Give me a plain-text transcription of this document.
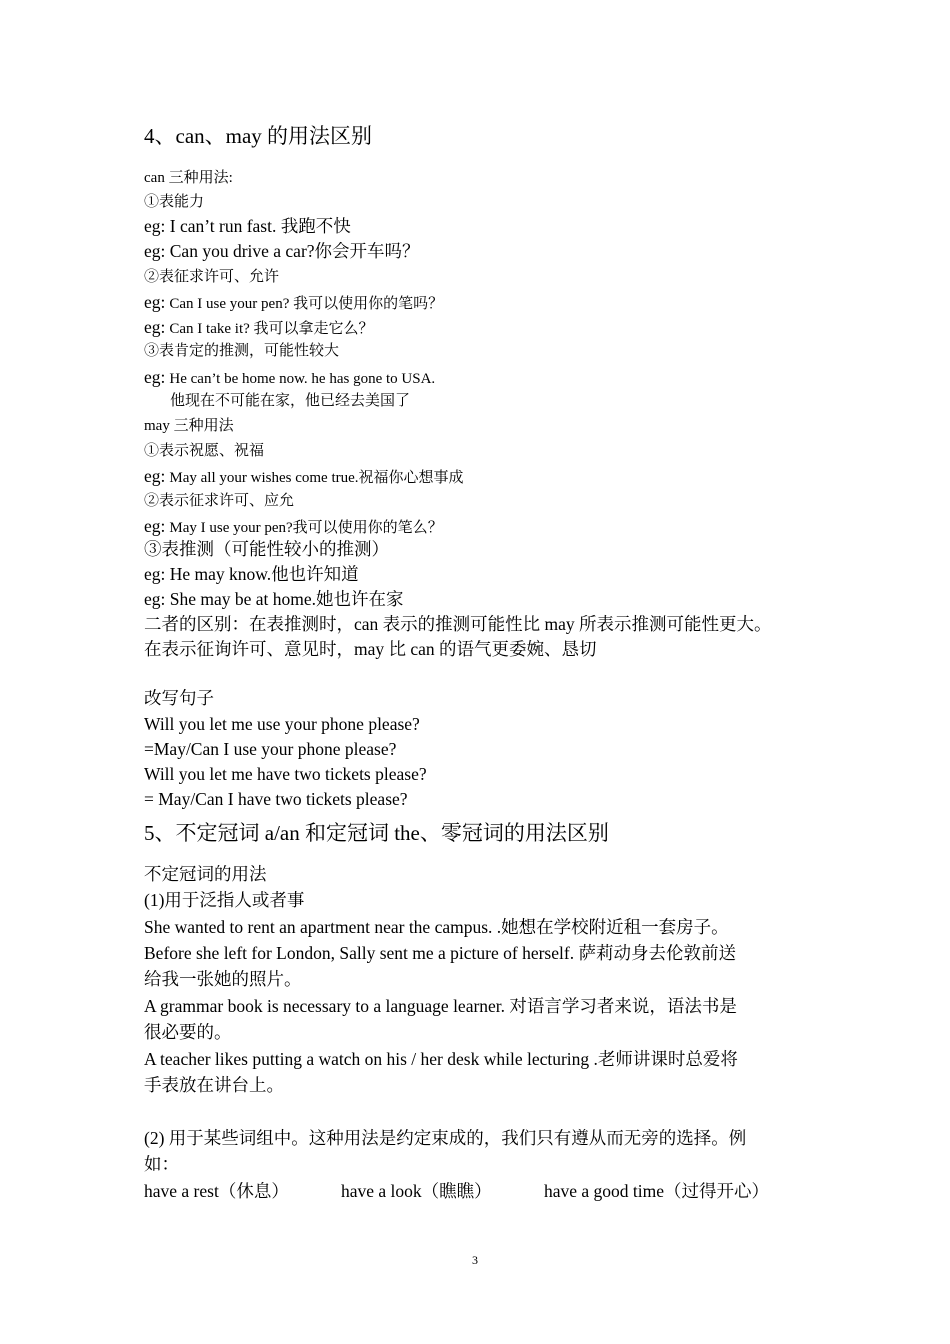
4、can、may 的用法区别
can 三种用法:
①表能力
eg: I can’t run fast. 我跑不快
eg: Can you drive a car?你会开车吗？
②表征求许可、允许
eg: Can I use your pen? 我可以使用你的笔吗？
eg: Can I take it? 我可以拿走它么？
③表肯定的推测，可能性较大
eg: He can’t be home now. he has gone to USA.
他现在不可能在家，他已经去美国了
may 三种用法
①表示祝愿、祝福
eg: May all your wishes come true.祝福你心想事成
②表示征求许可、应允
eg: May I use your pen?我可以使用你的笔么？
③表推测（可能性较小的推测）
eg: He may know.他也许知道
eg: She may be at home.她也许在家
二者的区别：在表推测时，can 表示的推测可能性比 may 所表示推测可能性更大。
在表示征询许可、意见时，may 比 can 的语气更委婉、恳切
改写句子
Will you let me use your phone please?
=May/Can I use your phone please?
Will you let me have two tickets please?
= May/Can I have two tickets please?
5、不定冠词 a/an 和定冠词 the、零冠词的用法区别
不定冠词的用法
(1)用于泛指人或者事
She wanted to rent an apartment near the campus. .她想在学校附近租一套房子。
Before she left for London, Sally sent me a picture of herself. 萨莉动身去伦敦前送
给我一张她的照片。
A grammar book is necessary to a language learner. 对语言学习者来说，语法书是
很必要的。
A teacher likes putting a watch on his / her desk while lecturing .老师讲课时总爱将
手表放在讲台上。
(2) 用于某些词组中。这种用法是约定束成的，我们只有遵从而无旁的选择。例
如：
have a rest（休息）	have a look（瞧瞧）	have a good time（过得开心）
3
